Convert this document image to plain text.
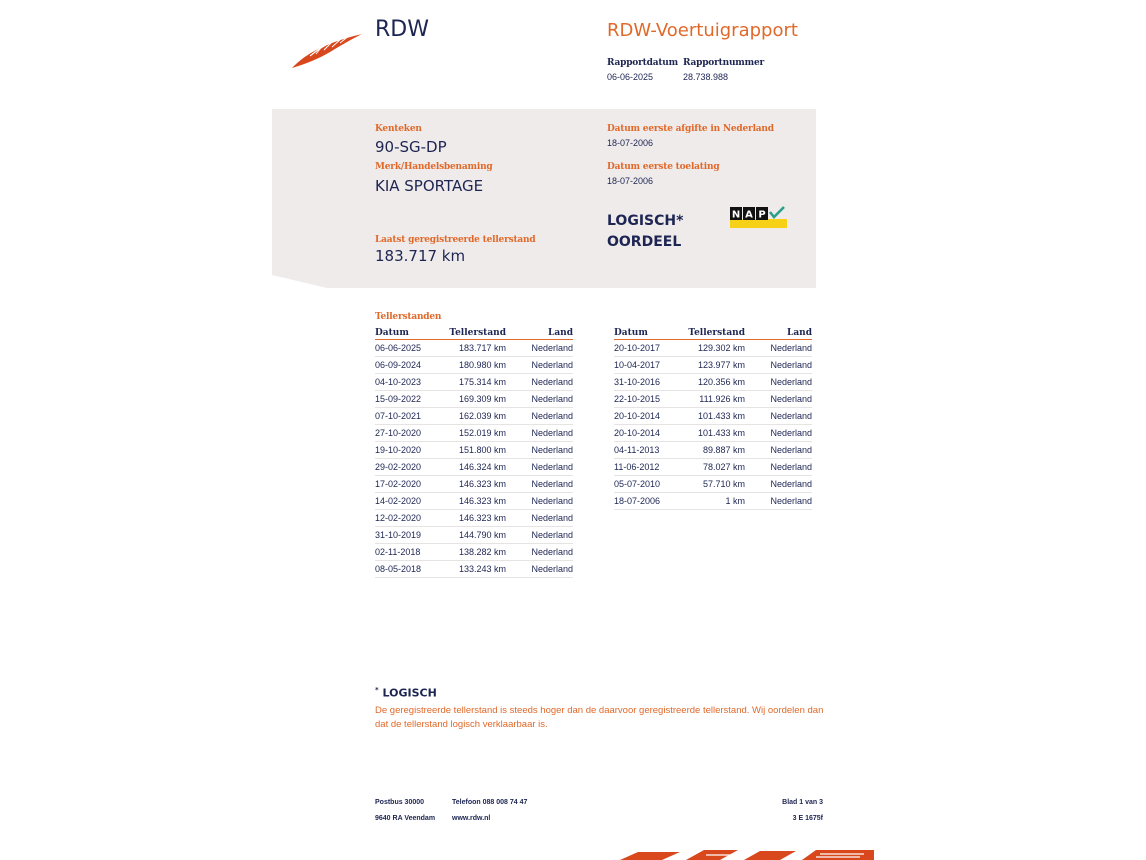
RDW	RDW-Voertuigrapport
Rapportdatum Rapportnummer
06-06-2025	28.738.988
Kenteken
90-SG-DP
Merk/Handelsbenaming
KIA SPORTAGE
Laatst geregistreerde tellerstand
183.717 km
Datum eerste afgifte in Nederland
18-07-2006
Datum eerste toelating
18-07-2006
LOGISCH*
OORDEEL
N A P
Tellerstanden
Datum	Tellerstand	Land
06-06-2025	183.717 km	Nederland
06-09-2024	180.980 km	Nederland
04-10-2023	175.314 km	Nederland
15-09-2022	169.309 km	Nederland
07-10-2021	162.039 km	Nederland
27-10-2020	152.019 km	Nederland
19-10-2020	151.800 km	Nederland
29-02-2020	146.324 km	Nederland
17-02-2020	146.323 km	Nederland
14-02-2020	146.323 km	Nederland
12-02-2020	146.323 km	Nederland
31-10-2019	144.790 km	Nederland
02-11-2018	138.282 km	Nederland
08-05-2018	133.243 km	Nederland
Datum	Tellerstand	Land
20-10-2017	129.302 km	Nederland
10-04-2017	123.977 km	Nederland
31-10-2016	120.356 km	Nederland
22-10-2015	111.926 km	Nederland
20-10-2014	101.433 km	Nederland
20-10-2014	101.433 km	Nederland
04-11-2013	89.887 km	Nederland
11-06-2012	78.027 km	Nederland
05-07-2010	57.710 km	Nederland
18-07-2006	1 km	Nederland
* LOGISCH
De geregistreerde tellerstand is steeds hoger dan de daarvoor geregistreerde tellerstand. Wij oordelen dan dat de tellerstand logisch verklaarbaar is.
Postbus 30000
9640 RA Veendam
Telefoon 088 008 74 47
www.rdw.nl
Blad 1 van 3
3 E 1675f
